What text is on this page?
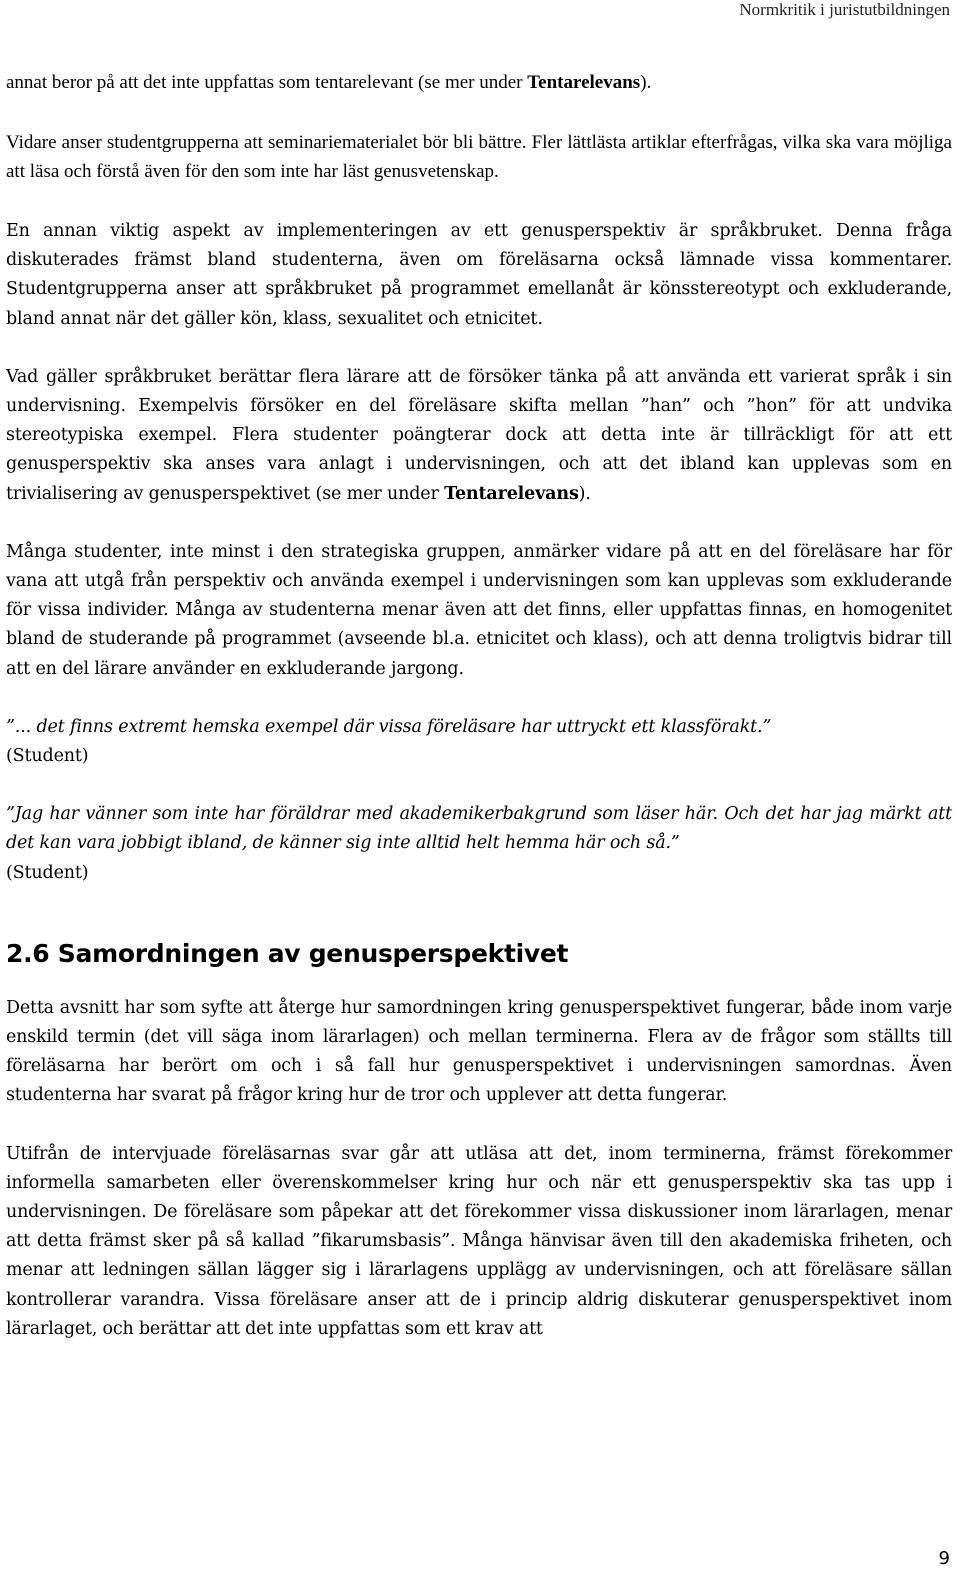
Normkritik i juristutbildningen

annat beror på att det inte uppfattas som tentarelevant (se mer under Tentarelevans).

Vidare anser studentgrupperna att seminariematerialet bör bli bättre. Fler lättlästa artiklar efterfrågas, vilka ska vara möjliga att läsa och förstå även för den som inte har läst genusvetenskap.

En annan viktig aspekt av implementeringen av ett genusperspektiv är språkbruket. Denna fråga diskuterades främst bland studenterna, även om föreläsarna också lämnade vissa kommentarer. Studentgrupperna anser att språkbruket på programmet emellanåt är könsstereotypt och exkluderande, bland annat när det gäller kön, klass, sexualitet och etnicitet.

Vad gäller språkbruket berättar flera lärare att de försöker tänka på att använda ett varierat språk i sin undervisning. Exempelvis försöker en del föreläsare skifta mellan ”han” och ”hon” för att undvika stereotypiska exempel. Flera studenter poängterar dock att detta inte är tillräckligt för att ett genusperspektiv ska anses vara anlagt i undervisningen, och att det ibland kan upplevas som en trivialisering av genusperspektivet (se mer under Tentarelevans).

Många studenter, inte minst i den strategiska gruppen, anmärker vidare på att en del föreläsare har för vana att utgå från perspektiv och använda exempel i undervisningen som kan upplevas som exkluderande för vissa individer. Många av studenterna menar även att det finns, eller uppfattas finnas, en homogenitet bland de studerande på programmet (avseende bl.a. etnicitet och klass), och att denna troligtvis bidrar till att en del lärare använder en exkluderande jargong.

”... det finns extremt hemska exempel där vissa föreläsare har uttryckt ett klassförakt.”
(Student)

”Jag har vänner som inte har föräldrar med akademikerbakgrund som läser här. Och det har jag märkt att det kan vara jobbigt ibland, de känner sig inte alltid helt hemma här och så.”
(Student)

2.6 Samordningen av genusperspektivet

Detta avsnitt har som syfte att återge hur samordningen kring genusperspektivet fungerar, både inom varje enskild termin (det vill säga inom lärarlagen) och mellan terminerna. Flera av de frågor som ställts till föreläsarna har berört om och i så fall hur genusperspektivet i undervisningen samordnas. Även studenterna har svarat på frågor kring hur de tror och upplever att detta fungerar.

Utifrån de intervjuade föreläsarnas svar går att utläsa att det, inom terminerna, främst förekommer informella samarbeten eller överenskommelser kring hur och när ett genusperspektiv ska tas upp i undervisningen. De föreläsare som påpekar att det förekommer vissa diskussioner inom lärarlagen, menar att detta främst sker på så kallad ”fikarumsbasis”. Många hänvisar även till den akademiska friheten, och menar att ledningen sällan lägger sig i lärarlagens upplägg av undervisningen, och att föreläsare sällan kontrollerar varandra. Vissa föreläsare anser att de i princip aldrig diskuterar genusperspektivet inom lärarlaget, och berättar att det inte uppfattas som ett krav att

9
